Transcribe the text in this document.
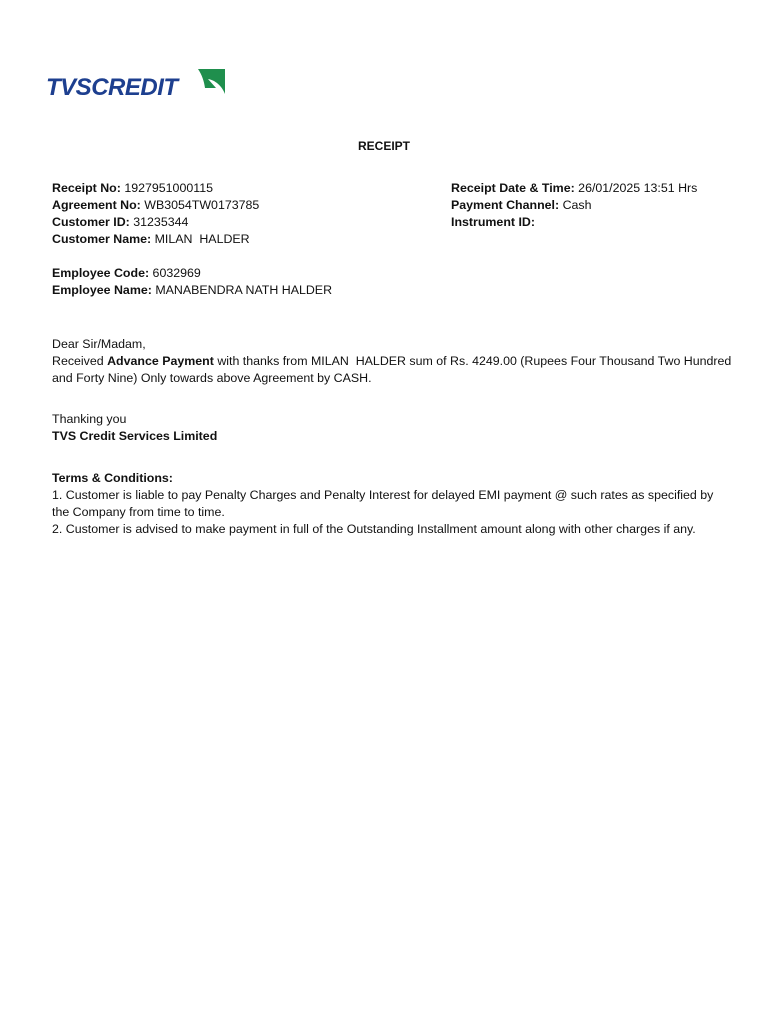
TVSCREDIT
RECEIPT
Receipt No: 1927951000115
Agreement No: WB3054TW0173785
Customer ID: 31235344
Customer Name: MILAN  HALDER
Receipt Date & Time: 26/01/2025 13:51 Hrs
Payment Channel: Cash
Instrument ID:
Employee Code: 6032969
Employee Name: MANABENDRA NATH HALDER

Dear Sir/Madam,

Received Advance Payment with thanks from MILAN  HALDER sum of Rs. 4249.00 (Rupees Four Thousand Two Hundred and Forty Nine) Only towards above Agreement by CASH.

Thanking you
TVS Credit Services Limited

Terms & Conditions:

1. Customer is liable to pay Penalty Charges and Penalty Interest for delayed EMI payment @ such rates as specified by the Company from time to time.

2. Customer is advised to make payment in full of the Outstanding Installment amount along with other charges if any.
